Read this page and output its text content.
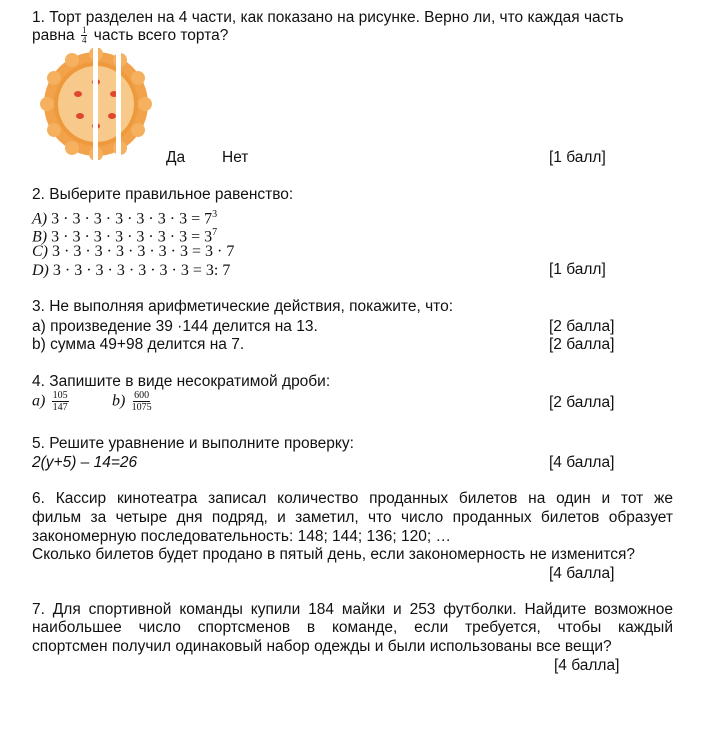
1. Торт разделен на 4 части, как показано на рисунке. Верно ли, что каждая часть
равна $\frac{1}{4}$ часть всего торта?
Да Нет	[1 балл]
2. Выберите правильное равенство:
A) $3 \cdot 3 \cdot 3 \cdot 3 \cdot 3 \cdot 3 \cdot 3 = 7^3$
B) $3 \cdot 3 \cdot 3 \cdot 3 \cdot 3 \cdot 3 \cdot 3 = 3^7$
C) 3 · 3 · 3 · 3 · 3 · 3 · 3 = 3 · 7
D) 3 · 3 · 3 · 3 · 3 · 3 · 3 = 3: 7	[1 балл]
3. Не выполняя арифметические действия, покажите, что:
а) произведение 39 ·144 делится на 13.	[2 балла]
b) сумма 49+98 делится на 7.	[2 балла]
4. Запишите в виде несократимой дроби:
$a) \frac{105}{147}$	$b) \frac{600}{1075}$	[2 балла]
5. Решите уравнение и выполните проверку:
2(y+5) – 14=26	[4 балла]
6. Кассир кинотеатра записал количество проданных билетов на один и тот же
фильм за четыре дня подряд, и заметил, что число проданных билетов образует
закономерную последовательность: 148; 144; 136; 120; …
Сколько билетов будет продано в пятый день, если закономерность не изменится?
[4 балла]
7. Для спортивной команды купили 184 майки и 253 футболки. Найдите возможное
наибольшее число спортсменов в команде, если требуется, чтобы каждый
спортсмен получил одинаковый набор одежды и были использованы все вещи?
[4 балла]
